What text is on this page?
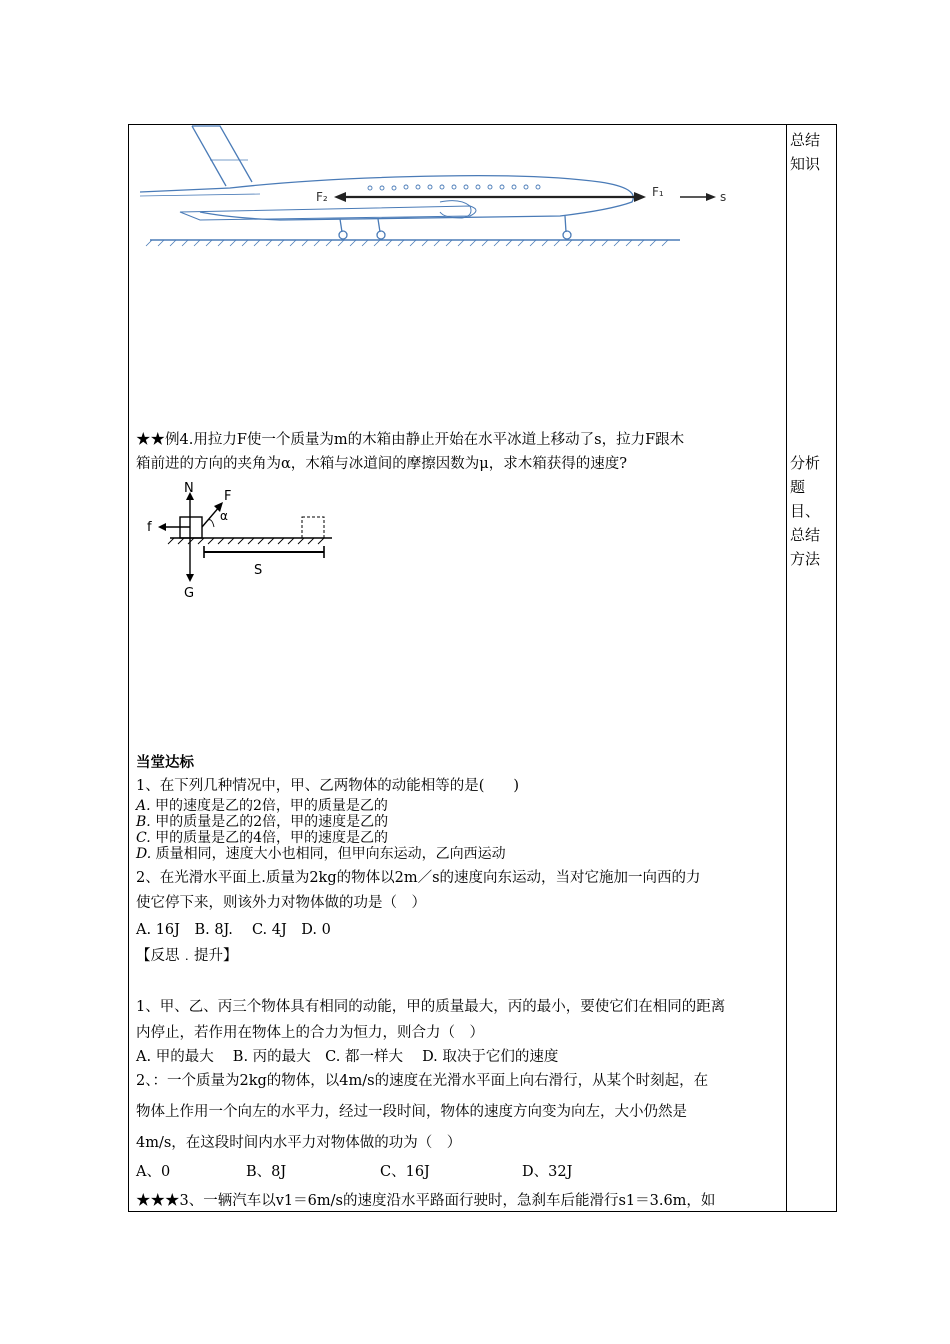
总结
知识
分析
题
目、
总结
方法
F₂	F₁	s
★★例4.用拉力F使一个质量为m的木箱由静止开始在水平冰道上移动了s，拉力F跟木
箱前进的方向的夹角为α，木箱与冰道间的摩擦因数为μ，求木箱获得的速度?
N
F
α
f
S
G
当堂达标
1、在下列几种情况中，甲、乙两物体的动能相等的是(　　)
A. 甲的速度是乙的2倍，甲的质量是乙的
B. 甲的质量是乙的2倍，甲的速度是乙的
C. 甲的质量是乙的4倍，甲的速度是乙的
D. 质量相同，速度大小也相同，但甲向东运动，乙向西运动
2、在光滑水平面上.质量为2kg的物体以2m／s的速度向东运动，当对它施加一向西的力
使它停下来，则该外力对物体做的功是（　）
A. 16J　B. 8J.　 C. 4J　D. 0
【反思﹒提升】
1、甲、乙、丙三个物体具有相同的动能，甲的质量最大，丙的最小，要使它们在相同的距离
内停止，若作用在物体上的合力为恒力，则合力（　）
A. 甲的最大　 B. 丙的最大　C. 都一样大　 D. 取决于它们的速度
2、：一个质量为2kg的物体，以4m/s的速度在光滑水平面上向右滑行，从某个时刻起，在
物体上作用一个向左的水平力，经过一段时间，物体的速度方向变为向左，大小仍然是
4m/s，在这段时间内水平力对物体做的功为（　）
A、0	B、8J	C、16J	D、32J
★★★3、一辆汽车以v1＝6m/s的速度沿水平路面行驶时，急刹车后能滑行s1＝3.6m，如
